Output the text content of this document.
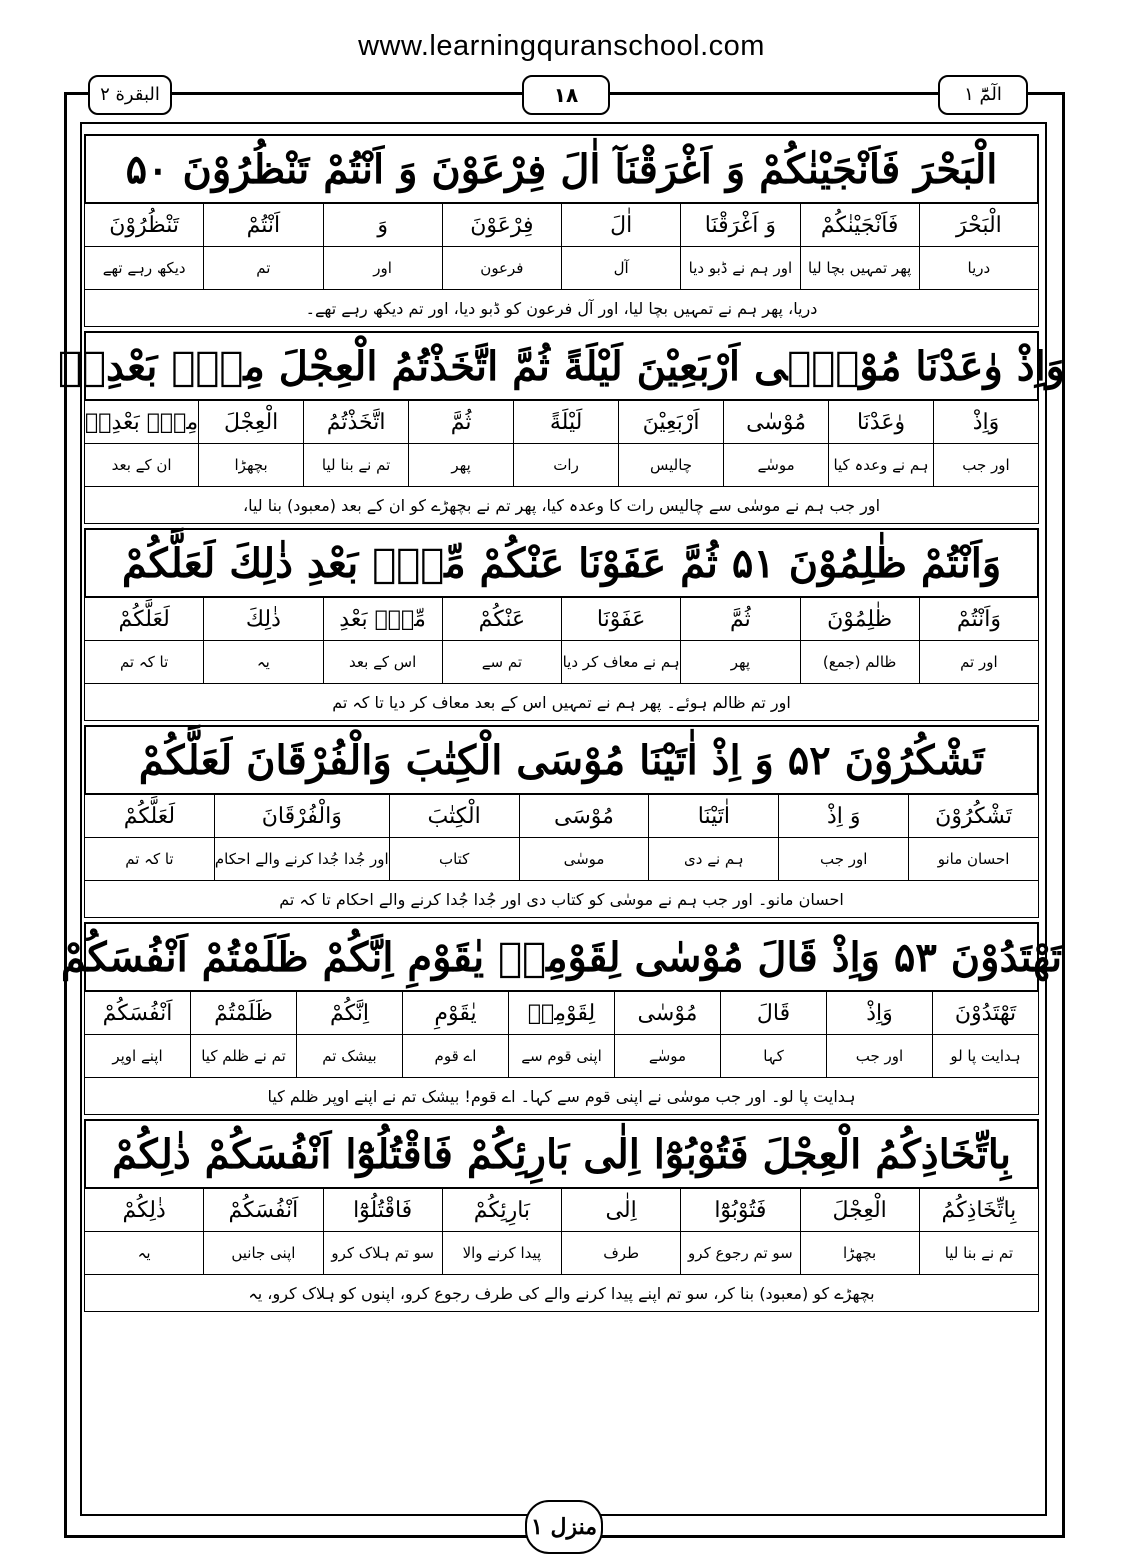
www.learningquranschool.com
البقرة ٢	١٨	الٓمّٓ ١
الْبَحْرَ فَاَنْجَيْنٰكُمْ وَ اَغْرَقْنَآ اٰلَ فِرْعَوْنَ وَ اَنْتُمْ تَنْظُرُوْنَ ۵۰
الْبَحْرَ
دریا
فَاَنْجَيْنٰكُمْ
پھر تمہیں بچا لیا
وَ اَغْرَقْنَا
اور ہم نے ڈبو دیا
اٰلَ
آل
فِرْعَوْنَ
فرعون
وَ
اور
اَنْتُمْ
تم
تَنْظُرُوْنَ
دیکھ رہے تھے
دریا، پھر ہم نے تمہیں بچا لیا، اور آل فرعون کو ڈبو دیا، اور تم دیکھ رہے تھے۔
وَاِذْ وٰعَدْنَا مُوْسٰۤى اَرْبَعِيْنَ لَيْلَةً ثُمَّ اتَّخَذْتُمُ الْعِجْلَ مِنْۢ بَعْدِهٖ
وَاِذْ
اور جب
وٰعَدْنَا
ہم نے وعدہ کیا
مُوْسٰى
موسٰے
اَرْبَعِيْنَ
چالیس
لَيْلَةً
رات
ثُمَّ
پھر
اتَّخَذْتُمُ
تم نے بنا لیا
الْعِجْلَ
بچھڑا
مِنْۢ بَعْدِهٖ
ان کے بعد
اور جب ہم نے موسٰی سے چالیس رات کا وعدہ کیا، پھر تم نے بچھڑے کو ان کے بعد (معبود) بنا لیا،
وَاَنْتُمْ ظٰلِمُوْنَ ۵۱ ثُمَّ عَفَوْنَا عَنْكُمْ مِّنْۢ بَعْدِ ذٰلِكَ لَعَلَّكُمْ
وَاَنْتُمْ
اور تم
ظٰلِمُوْنَ
ظالم (جمع)
ثُمَّ
پھر
عَفَوْنَا
ہم نے معاف کر دیا
عَنْكُمْ
تم سے
مِّنْۢ بَعْدِ
اس کے بعد
ذٰلِكَ
یہ
لَعَلَّكُمْ
تا کہ تم
اور تم ظالم ہوئے۔ پھر ہم نے تمہیں اس کے بعد معاف کر دیا تا کہ تم
تَشْكُرُوْنَ ۵۲ وَ اِذْ اٰتَيْنَا مُوْسَى الْكِتٰبَ وَالْفُرْقَانَ لَعَلَّكُمْ
تَشْكُرُوْنَ
احسان مانو
وَ اِذْ
اور جب
اٰتَيْنَا
ہم نے دی
مُوْسَى
موسٰی
الْكِتٰبَ
کتاب
وَالْفُرْقَانَ
اور جُدا جُدا کرنے والے احکام
لَعَلَّكُمْ
تا کہ تم
احسان مانو۔ اور جب ہم نے موسٰی کو کتاب دی اور جُدا جُدا کرنے والے احکام تا کہ تم
تَهْتَدُوْنَ ۵۳ وَاِذْ قَالَ مُوْسٰى لِقَوْمِهٖ يٰقَوْمِ اِنَّكُمْ ظَلَمْتُمْ اَنْفُسَكُمْ
تَهْتَدُوْنَ
ہدایت پا لو
وَاِذْ
اور جب
قَالَ
کہا
مُوْسٰى
موسٰے
لِقَوْمِهٖ
اپنی قوم سے
يٰقَوْمِ
اے قوم
اِنَّكُمْ
بیشک تم
ظَلَمْتُمْ
تم نے ظلم کیا
اَنْفُسَكُمْ
اپنے اوپر
ہدایت پا لو۔ اور جب موسٰی نے اپنی قوم سے کہا۔ اے قوم! بیشک تم نے اپنے اوپر ظلم کیا
بِاتِّخَاذِكُمُ الْعِجْلَ فَتُوْبُوْٓا اِلٰى بَارِئِكُمْ فَاقْتُلُوْٓا اَنْفُسَكُمْ ذٰلِكُمْ
بِاتِّخَاذِكُمُ
تم نے بنا لیا
الْعِجْلَ
بچھڑا
فَتُوْبُوْٓا
سو تم رجوع کرو
اِلٰى
طرف
بَارِئِكُمْ
پیدا کرنے والا
فَاقْتُلُوْٓا
سو تم ہلاک کرو
اَنْفُسَكُمْ
اپنی جانیں
ذٰلِكُمْ
یہ
بچھڑے کو (معبود) بنا کر، سو تم اپنے پیدا کرنے والے کی طرف رجوع کرو، اپنوں کو ہلاک کرو، یہ
منزل ١
